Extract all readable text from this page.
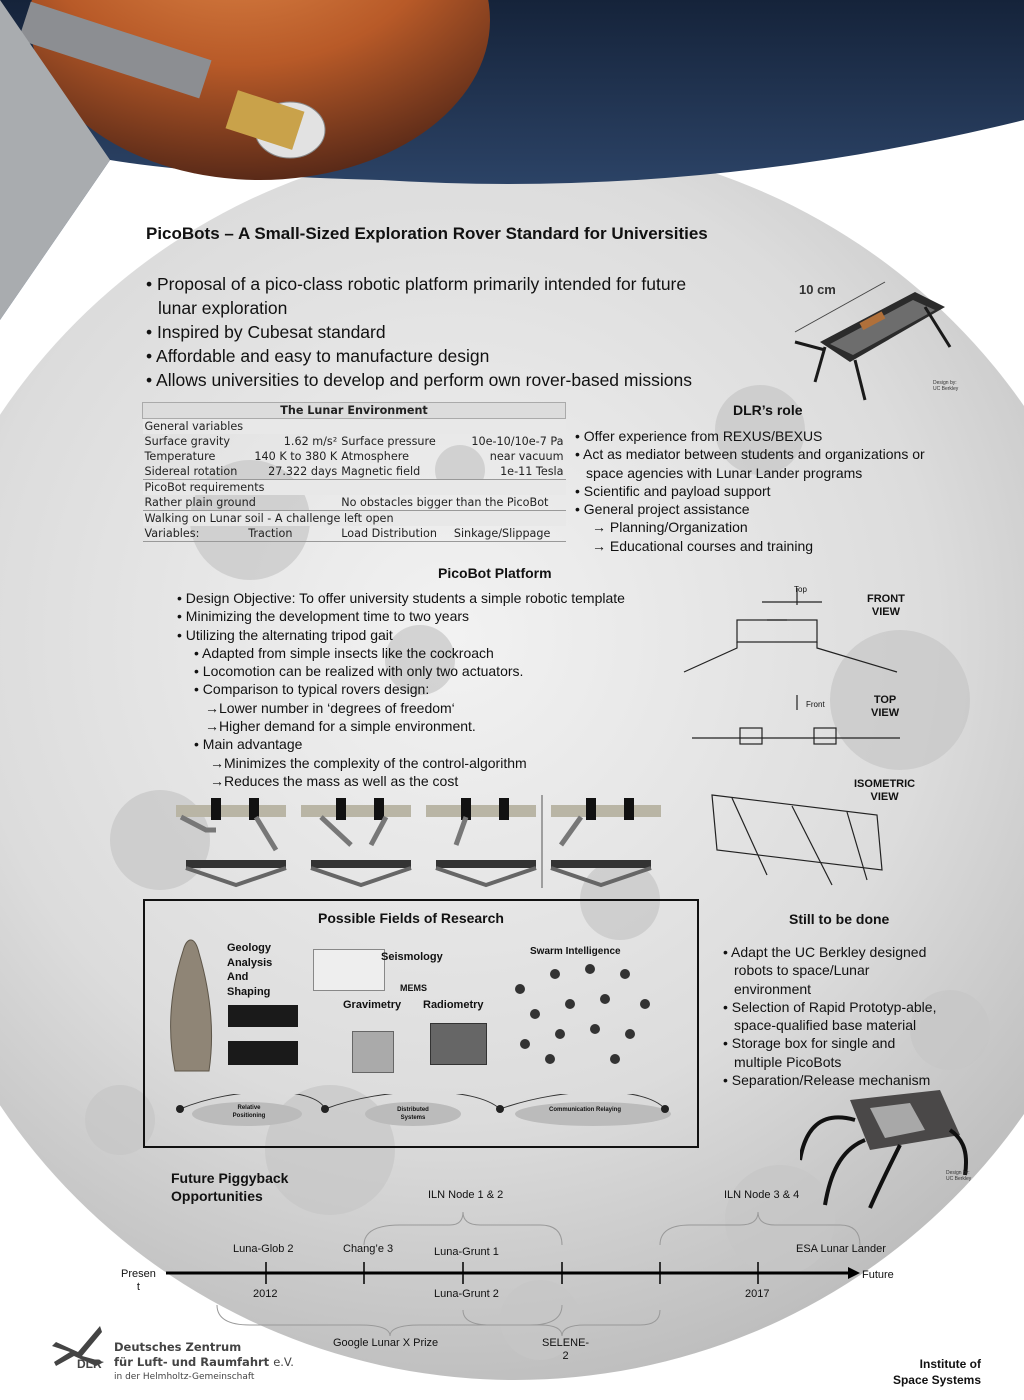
PicoBots – A Small-Sized Exploration Rover Standard for Universities
• Proposal of a pico-class robotic platform primarily intended for future
lunar exploration
• Inspired by Cubesat standard
• Affordable and easy to manufacture design
• Allows universities to develop and perform own rover-based missions
10 cm
Design by:
UC Berkley
The Lunar Environment			
General variables			
Surface gravity	1.62 m/s²	Surface pressure	10e-10/10e-7 Pa
Temperature	140 K to 380 K	Atmosphere	near vacuum
Sidereal rotation	27.322 days	Magnetic field	1e-11 Tesla
PicoBot requirements			
Rather plain ground		No obstacles bigger than the PicoBot	
Walking on Lunar soil - A challenge left open			
Variables:	Traction	Load Distribution	Sinkage/Slippage
DLR’s role
• Offer experience from REXUS/BEXUS
• Act as mediator between students and organizations or
space agencies with Lunar Lander programs
• Scientific and payload support
• General project assistance
→ Planning/Organization
→ Educational courses and training
PicoBot Platform
• Design Objective: To offer university students a simple robotic template
• Minimizing the development time to two years
• Utilizing the alternating tripod gait
• Adapted from simple insects like the cockroach
• Locomotion can be realized with only two actuators.
• Comparison to typical rovers design:
→Lower number in ‘degrees of freedom‘
→Higher demand for a simple environment.
• Main advantage
→Minimizes the complexity of the control-algorithm
→Reduces the mass as well as the cost
Top
Front
FRONT
VIEW
TOP
VIEW
ISOMETRIC
VIEW
Possible Fields of Research
Geology
Analysis
And
Shaping
Seismology
MEMS
Gravimetry Radiometry
Swarm Intelligence
Relative
Positioning
Distributed
Systems
Communication Relaying
Still to be done
• Adapt the UC Berkley designed
robots to space/Lunar
environment
• Selection of Rapid Prototyp-able,
space-qualified base material
• Storage box for single and
multiple PicoBots
• Separation/Release mechanism
Design by:
UC Berkley
Future Piggyback
Opportunities
Presen
t
Future
ILN Node 1 & 2	ILN Node 3 & 4
Luna-Glob 2	Chang’e 3	Luna-Grunt 1	ESA Lunar Lander
2012	Luna-Grunt 2	2017
Google Lunar X Prize	SELENE-
2
DLR
Deutsches Zentrum
für Luft- und Raumfahrt e.V.
in der Helmholtz-Gemeinschaft
Institute of
Space Systems
